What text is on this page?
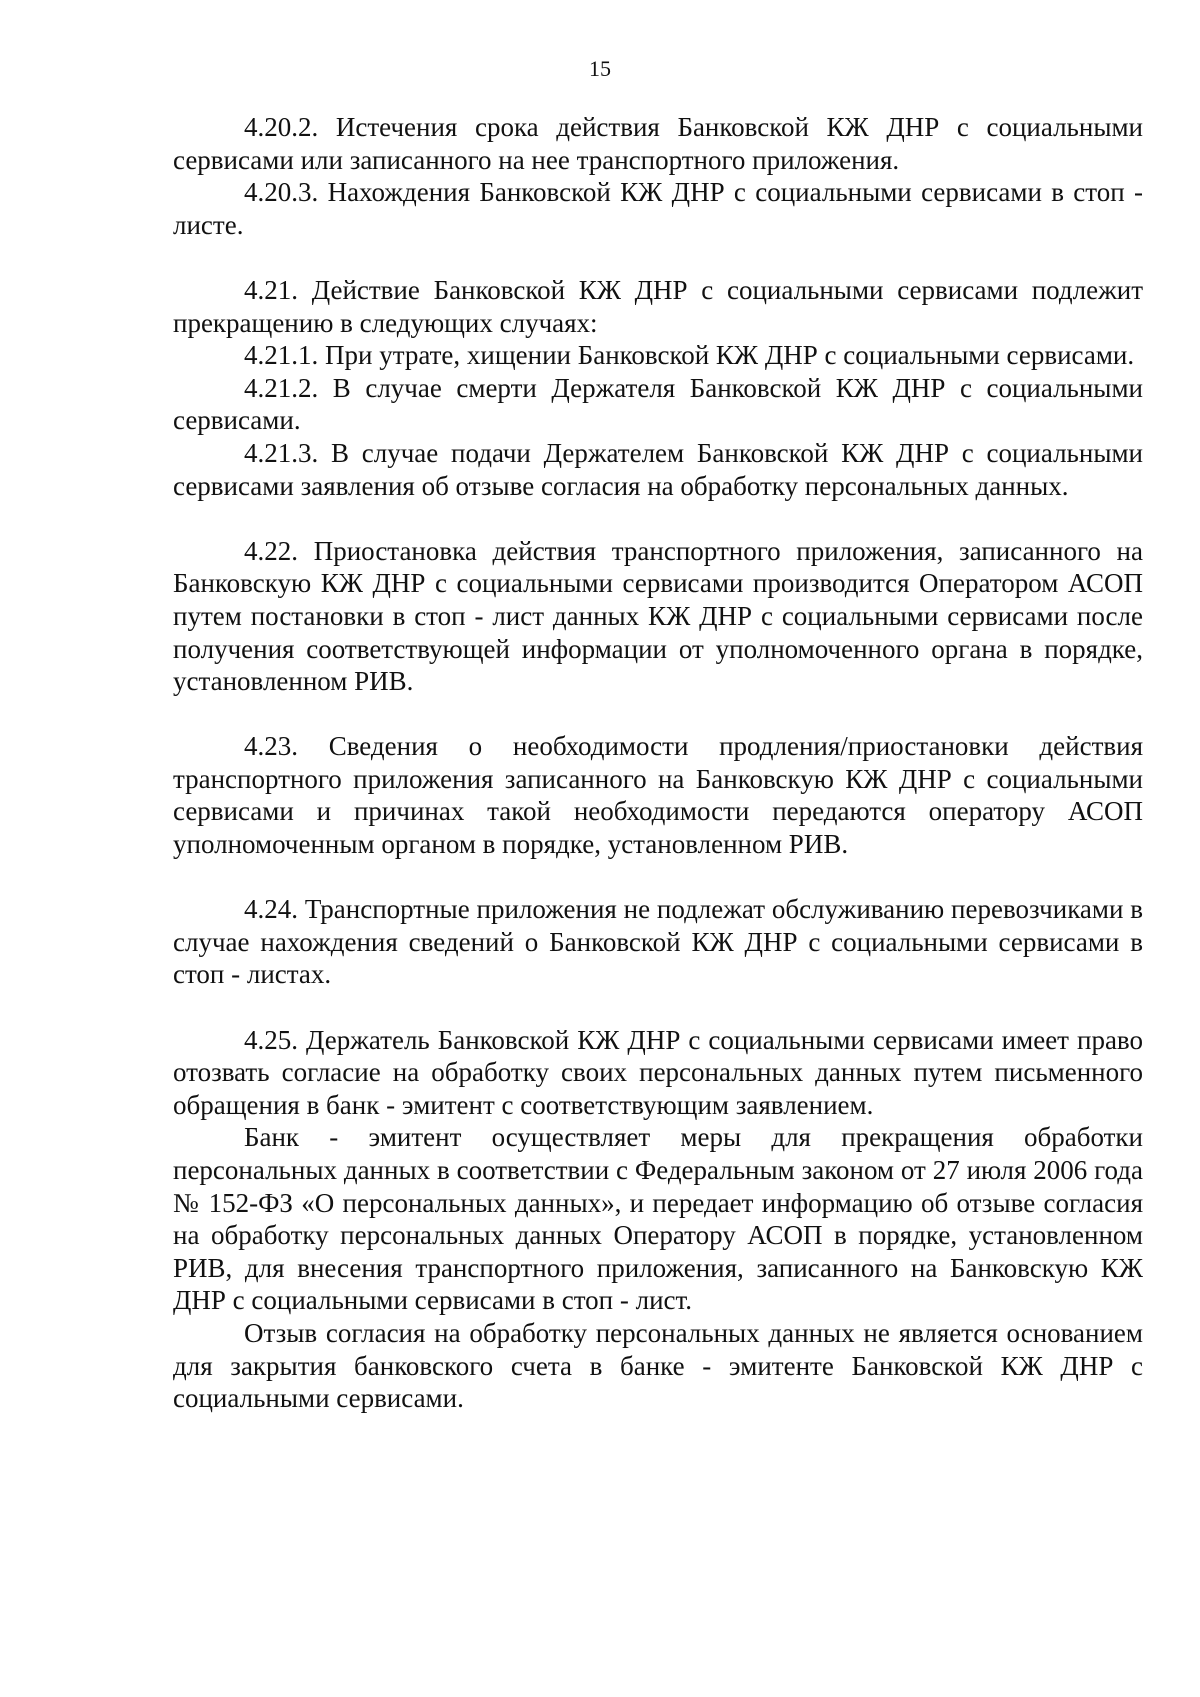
15

4.20.2. Истечения срока действия Банковской КЖ ДНР с социальными сервисами или записанного на нее транспортного приложения.

4.20.3. Нахождения Банковской КЖ ДНР с социальными сервисами в стоп - листе.

4.21. Действие Банковской КЖ ДНР с социальными сервисами подлежит прекращению в следующих случаях:

4.21.1. При утрате, хищении Банковской КЖ ДНР с социальными сервисами.

4.21.2. В случае смерти Держателя Банковской КЖ ДНР с социальными сервисами.

4.21.3. В случае подачи Держателем Банковской КЖ ДНР с социальными сервисами заявления об отзыве согласия на обработку персональных данных.

4.22. Приостановка действия транспортного приложения, записанного на Банковскую КЖ ДНР с социальными сервисами производится Оператором АСОП путем постановки в стоп - лист данных КЖ ДНР с социальными сервисами после получения соответствующей информации от уполномоченного органа в порядке, установленном РИВ.

4.23. Сведения о необходимости продления/приостановки действия транспортного приложения записанного на Банковскую КЖ ДНР с социальными сервисами и причинах такой необходимости передаются оператору АСОП уполномоченным органом в порядке, установленном РИВ.

4.24. Транспортные приложения не подлежат обслуживанию перевозчиками в случае нахождения сведений о Банковской КЖ ДНР с социальными сервисами в стоп - листах.

4.25. Держатель Банковской КЖ ДНР с социальными сервисами имеет право отозвать согласие на обработку своих персональных данных путем письменного обращения в банк - эмитент с соответствующим заявлением.

Банк - эмитент осуществляет меры для прекращения обработки персональных данных в соответствии с Федеральным законом от 27 июля 2006 года № 152-ФЗ «О персональных данных», и передает информацию об отзыве согласия на обработку персональных данных Оператору АСОП в порядке, установленном РИВ, для внесения транспортного приложения, записанного на Банковскую КЖ ДНР с социальными сервисами в стоп - лист.

Отзыв согласия на обработку персональных данных не является основанием для закрытия банковского счета в банке - эмитенте Банковской КЖ ДНР с социальными сервисами.
